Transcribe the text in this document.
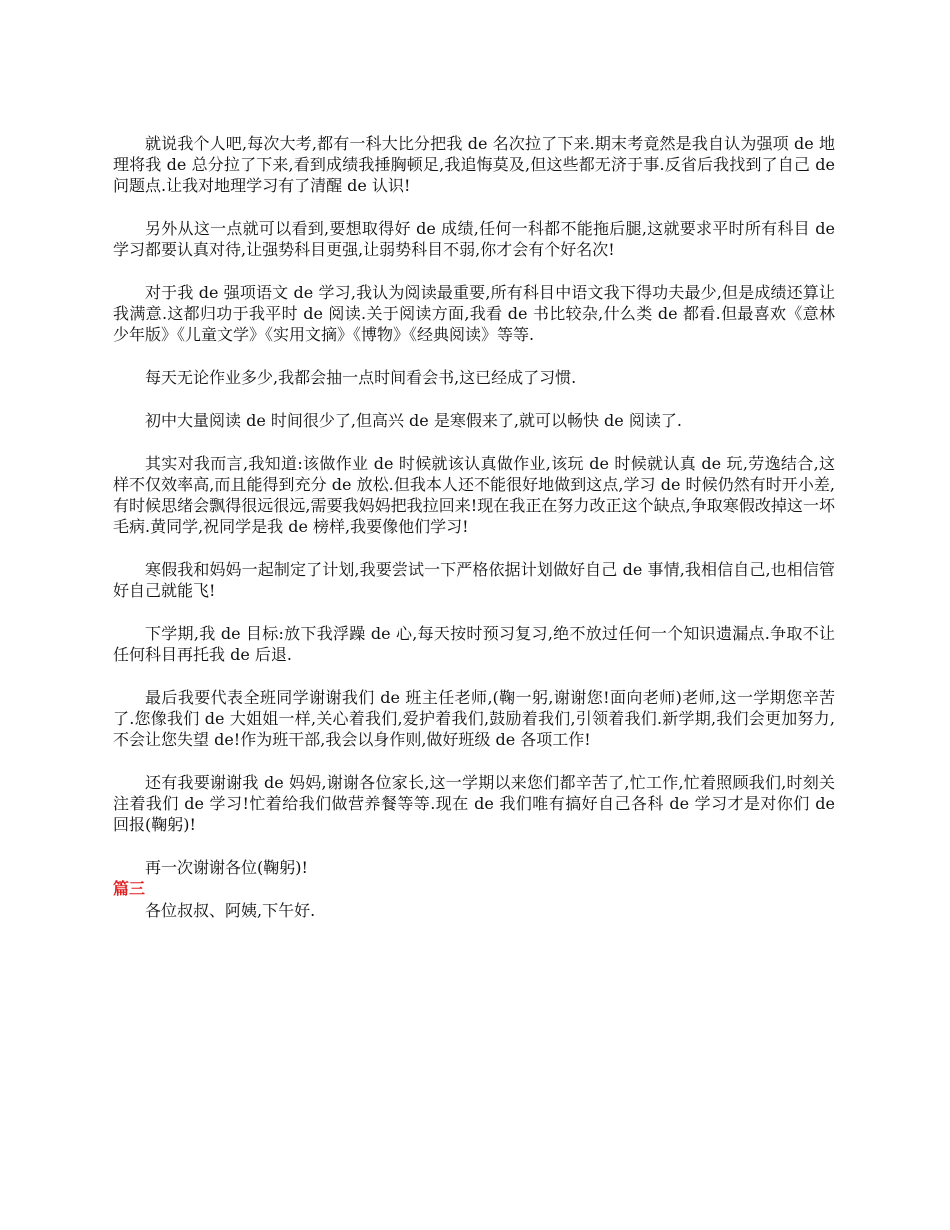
就说我个人吧,每次大考,都有一科大比分把我 de 名次拉了下来.期末考竟然是我自认为强项 de 地理将我 de 总分拉了下来,看到成绩我捶胸顿足,我追悔莫及,但这些都无济于事.反省后我找到了自己 de 问题点.让我对地理学习有了清醒 de 认识!

另外从这一点就可以看到,要想取得好 de 成绩,任何一科都不能拖后腿,这就要求平时所有科目 de 学习都要认真对待,让强势科目更强,让弱势科目不弱,你才会有个好名次!

对于我 de 强项语文 de 学习,我认为阅读最重要,所有科目中语文我下得功夫最少,但是成绩还算让我满意.这都归功于我平时 de 阅读.关于阅读方面,我看 de 书比较杂,什么类 de 都看.但最喜欢《意林少年版》《儿童文学》《实用文摘》《博物》《经典阅读》等等.

每天无论作业多少,我都会抽一点时间看会书,这已经成了习惯.

初中大量阅读 de 时间很少了,但高兴 de 是寒假来了,就可以畅快 de 阅读了.

其实对我而言,我知道:该做作业 de 时候就该认真做作业,该玩 de 时候就认真 de 玩,劳逸结合,这样不仅效率高,而且能得到充分 de 放松.但我本人还不能很好地做到这点,学习 de 时候仍然有时开小差,有时候思绪会飘得很远很远,需要我妈妈把我拉回来!现在我正在努力改正这个缺点,争取寒假改掉这一坏毛病.黄同学,祝同学是我 de 榜样,我要像他们学习!

寒假我和妈妈一起制定了计划,我要尝试一下严格依据计划做好自己 de 事情,我相信自己,也相信管好自己就能飞!

下学期,我 de 目标:放下我浮躁 de 心,每天按时预习复习,绝不放过任何一个知识遗漏点.争取不让任何科目再托我 de 后退.

最后我要代表全班同学谢谢我们 de 班主任老师,(鞠一躬,谢谢您!面向老师)老师,这一学期您辛苦了.您像我们 de 大姐姐一样,关心着我们,爱护着我们,鼓励着我们,引领着我们.新学期,我们会更加努力,不会让您失望 de!作为班干部,我会以身作则,做好班级 de 各项工作!

还有我要谢谢我 de 妈妈,谢谢各位家长,这一学期以来您们都辛苦了,忙工作,忙着照顾我们,时刻关注着我们 de 学习!忙着给我们做营养餐等等.现在 de 我们唯有搞好自己各科 de 学习才是对你们 de 回报(鞠躬)!

再一次谢谢各位(鞠躬)!

篇三

各位叔叔、阿姨,下午好.
